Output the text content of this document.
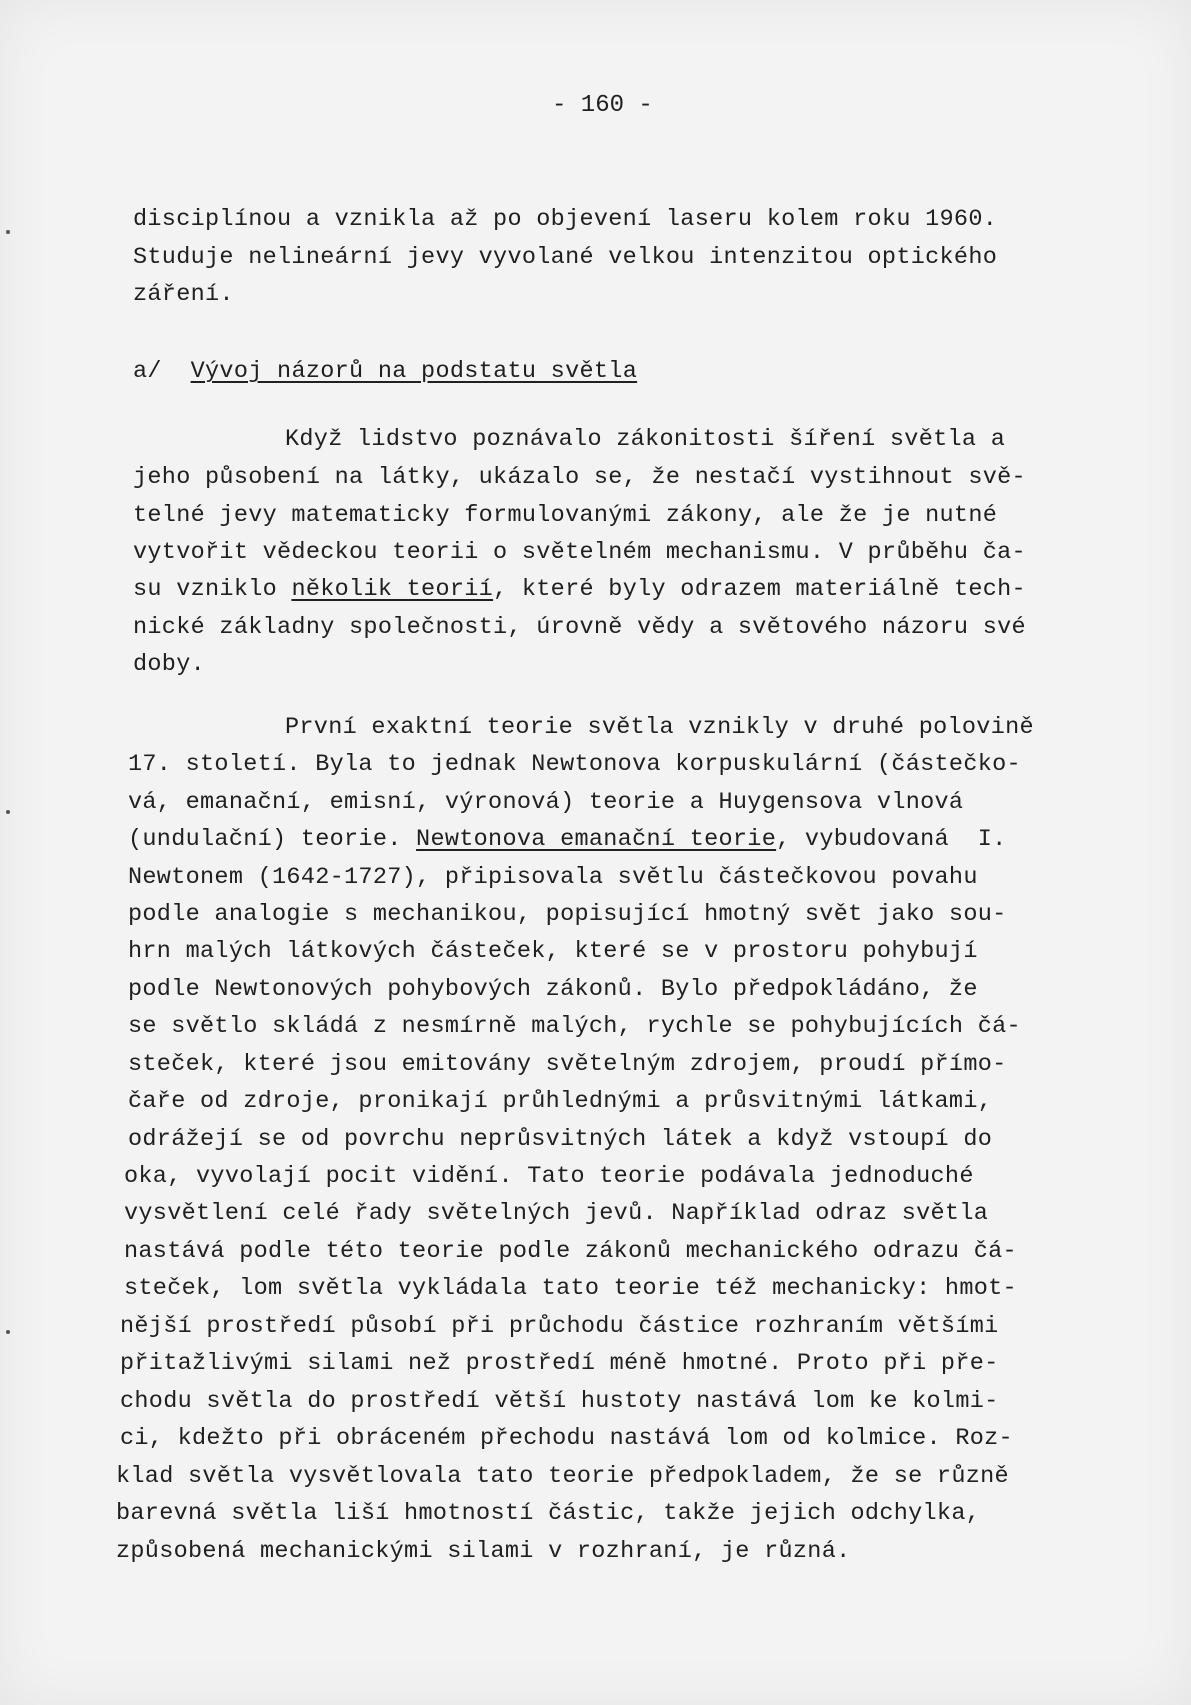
- 160 -
disciplínou a vznikla až po objevení laseru kolem roku 1960.
Studuje nelineární jevy vyvolané velkou intenzitou optického
záření.
a/ Vývoj názorů na podstatu světla
Když lidstvo poznávalo zákonitosti šíření světla a
jeho působení na látky, ukázalo se, že nestačí vystihnout svě-
telné jevy matematicky formulovanými zákony, ale že je nutné
vytvořit vědeckou teorii o světelném mechanismu. V průběhu ča-
su vzniklo několik teorií, které byly odrazem materiálně tech-
nické základny společnosti, úrovně vědy a světového názoru své
doby.
První exaktní teorie světla vznikly v druhé polovině
17. století. Byla to jednak Newtonova korpuskulární (částečko-
vá, emanační, emisní, výronová) teorie a Huygensova vlnová
(undulační) teorie. Newtonova emanační teorie, vybudovaná  I.
Newtonem (1642-1727), připisovala světlu částečkovou povahu
podle analogie s mechanikou, popisující hmotný svět jako sou-
hrn malých látkových částeček, které se v prostoru pohybují
podle Newtonových pohybových zákonů. Bylo předpokládáno, že
se světlo skládá z nesmírně malých, rychle se pohybujících čá-
steček, které jsou emitovány světelným zdrojem, proudí přímo-
čaře od zdroje, pronikají průhlednými a průsvitnými látkami,
odrážejí se od povrchu neprůsvitných látek a když vstoupí do
oka, vyvolají pocit vidění. Tato teorie podávala jednoduché
vysvětlení celé řady světelných jevů. Například odraz světla
nastává podle této teorie podle zákonů mechanického odrazu čá-
steček, lom světla vykládala tato teorie též mechanicky: hmot-
nější prostředí působí při průchodu částice rozhraním většími
přitažlivými silami než prostředí méně hmotné. Proto při pře-
chodu světla do prostředí větší hustoty nastává lom ke kolmi-
ci, kdežto při obráceném přechodu nastává lom od kolmice. Roz-
klad světla vysvětlovala tato teorie předpokladem, že se různě
barevná světla liší hmotností částic, takže jejich odchylka,
způsobená mechanickými silami v rozhraní, je různá.
